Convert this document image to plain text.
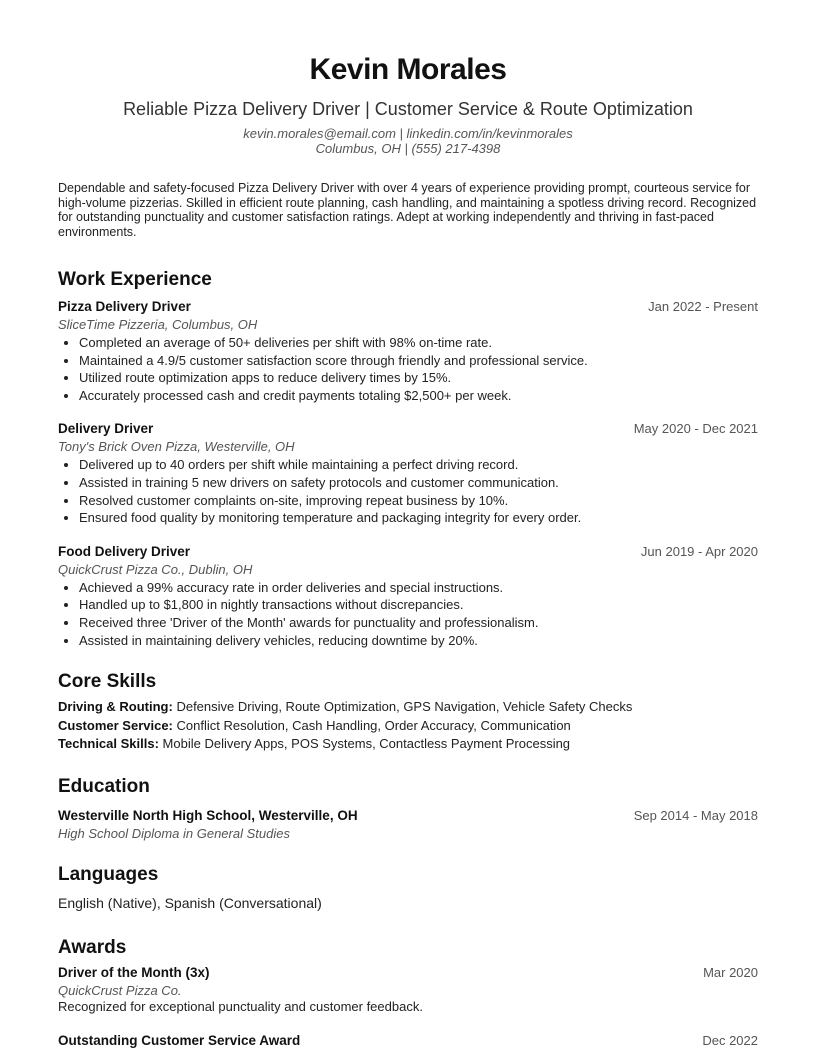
Kevin Morales
Reliable Pizza Delivery Driver | Customer Service & Route Optimization
kevin.morales@email.com | linkedin.com/in/kevinmorales
Columbus, OH | (555) 217-4398
Dependable and safety-focused Pizza Delivery Driver with over 4 years of experience providing prompt, courteous service for high-volume pizzerias. Skilled in efficient route planning, cash handling, and maintaining a spotless driving record. Recognized for outstanding punctuality and customer satisfaction ratings. Adept at working independently and thriving in fast-paced environments.
Work Experience
Pizza Delivery Driver	Jan 2022 - Present
SliceTime Pizzeria, Columbus, OH
• Completed an average of 50+ deliveries per shift with 98% on-time rate.
• Maintained a 4.9/5 customer satisfaction score through friendly and professional service.
• Utilized route optimization apps to reduce delivery times by 15%.
• Accurately processed cash and credit payments totaling $2,500+ per week.
Delivery Driver	May 2020 - Dec 2021
Tony's Brick Oven Pizza, Westerville, OH
• Delivered up to 40 orders per shift while maintaining a perfect driving record.
• Assisted in training 5 new drivers on safety protocols and customer communication.
• Resolved customer complaints on-site, improving repeat business by 10%.
• Ensured food quality by monitoring temperature and packaging integrity for every order.
Food Delivery Driver	Jun 2019 - Apr 2020
QuickCrust Pizza Co., Dublin, OH
• Achieved a 99% accuracy rate in order deliveries and special instructions.
• Handled up to $1,800 in nightly transactions without discrepancies.
• Received three 'Driver of the Month' awards for punctuality and professionalism.
• Assisted in maintaining delivery vehicles, reducing downtime by 20%.
Core Skills
Driving & Routing: Defensive Driving, Route Optimization, GPS Navigation, Vehicle Safety Checks
Customer Service: Conflict Resolution, Cash Handling, Order Accuracy, Communication
Technical Skills: Mobile Delivery Apps, POS Systems, Contactless Payment Processing
Education
Westerville North High School, Westerville, OH	Sep 2014 - May 2018
High School Diploma in General Studies
Languages
English (Native), Spanish (Conversational)
Awards
Driver of the Month (3x)	Mar 2020
QuickCrust Pizza Co.
Recognized for exceptional punctuality and customer feedback.
Outstanding Customer Service Award	Dec 2022
